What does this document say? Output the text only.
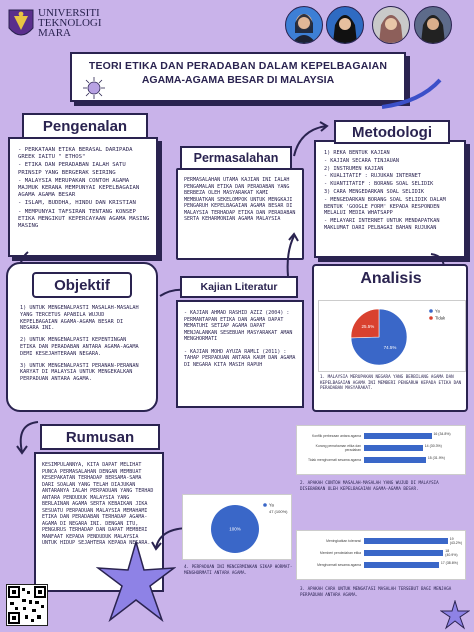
UNIVERSITI
TEKNOLOGI
MARA
TEORI ETIKA DAN PERADABAN DALAM KEPELBAGAIAN
AGAMA-AGAMA BESAR DI MALAYSIA
- PERKATAAN ETIKA BERASAL DARIPADA GREEK IAITU " ETHOS"
- ETIKA DAN PERADABAN IALAH SATU PRINSIP YANG BERGERAK SEIRING
- MALAYSIA MERUPAKAN CONTOH AGAMA MAJMUK KERANA MEMPUNYAI KEPELBAGAIAN AGAMA AGAMA BESAR
- ISLAM, BUDDHA, HINDU DAN KRISTIAN
- MEMPUNYAI TAFSIRAN TENTANG KONSEP ETIKA MENGIKUT KEPERCAYAAN AGAMA MASING MASING
Pengenalan
PERMASALAHAN UTAMA KAJIAN INI IALAH PENGAMALAN ETIKA DAN PERADABAN YANG BERBEZA OLEH MASYARAKAT KAMI MEMBUATKAN SEKELOMPOK UNTUK MENGKAJI PENGARUH KEPELBAGAIAN AGAMA BESAR DI MALAYSIA TERHADAP ETIKA DAN PERADABAN SERTA KEHARMONIAN AGAMA MALAYSIA
Permasalahan	1) REKA BENTUK KAJIAN
- KAJIAN SECARA TINJAUAN
2) INSTRUMEN KAJIAN
- KUALITATIF : RUJUKAN INTERNET
- KUANTITATIF : BORANG SOAL SELIDIK
3) CARA MENGEDARKAN SOAL SELIDIK
- MENGEDARKAN BORANG SOAL SELIDIK DALAM BENTUK 'GOOGLE FORM' KEPADA RESPONDEN MELALUI MEDIA WHATSAPP
- MELAYARI INTERNET UNTUK MENDAPATKAN MAKLUMAT DARI PELBAGAI BAHAN RUJUKAN
Metodologi
1) UNTUK MENGENALPASTI MASALAH-MASALAH YANG TERCETUS APABILA WUJUD KEPELBAGAIAN AGAMA-AGAMA BESAR DI NEGARA INI.
2) UNTUK MENGENALPASTI KEPENTINGAN ETIKA DAN PERADABAN ANTARA AGAMA-AGAMA DEMI KESEJAHTERAAN NEGARA.
3) UNTUK MENGENALPASTI PERANAN-PERANAN KARYAT DI MALAYSIA UNTUK MENGEKALKAN PERPADUAN ANTARA AGAMA.
Objektif
- KAJIAN AHMAD RASHID AZIZ (2004) : PERMANTAPAN ETIKA DAN AGAMA DAPAT MEMATUHI SETIAP AGAMA DAPAT MENJALANKAN SESEBUAH MASYARAKAT AMAN MENGHORMATI
- KAJIAN MOHD AYUZA RAMLI (2011) : TAHAP PERPADUAN ANTARA KAUM DAN AGAMA DI NEGARA KITA MASIH RAPUH
Kajian Literatur	Analisis
74.5%
25.5%
Ya
Tidak
1. MALAYSIA MERUPAKAN NEGARA YANG BERBILANG AGAMA DAN KEPELBAGAIAN AGAMA INI MEMBERI PENGARUH KEPADA ETIKA DAN PERADABAN MASYARAKAT.
KESIMPULANNYA, KITA DAPAT MELIHAT PUNCA PERMASALAHAN DENGAN MEMBUAT KESEPAKATAN TERHADAP BERSAMA-SAMA DARI SOALAN YANG TELAH DIAJUKAN ANTARANYA IALAH PERPADUAN YANG TERHAD ANTARA PENDUDUK MALAYSIA YANG BERLAINAN AGAMA SERTA KEBAIKAN JIKA SESUATU PERPADUAN MALAYSIA MEMAHAMI ETIKA DAN PERADABAN TERHADAP AGAMA-AGAMA DI NEGARA INI. DENGAN ITU, PENGURUS TERHADAP DAN DAPAT MEMBERI MANFAAT KEPADA PENDUDUK MALAYSIA UNTUK HIDUP SEJAHTERA KEPADA NEGARA.
Rumusan
100%
Ya
47 (100%)
4. PERPADUAN INI MENCERMINKAN SIKAP HORMAT-MENGHORMATI ANTARA AGAMA.
Konflik perbezaan antara agama	16 (34.8%)
Kurang pemahaman etika dan peradaban
14 (30.3%)
Tidak menghormati sesama agama	15 (31.9%)
2. APAKAH CONTOH MASALAH-MASALAH YANG WUJUD DI MALAYSIA DISEBABKAN OLEH KEPELBAGAIAN AGAMA-AGAMA BESAR.
Meningkatkan toleransi	19 (43.2%)
Memberi pendedahan etika	18 (40.9%)
Menghormati sesama agama	17 (38.6%)
3. APAKAH CARA UNTUK MENGATASI MASALAH TERSEBUT BAGI MENJAGA PERPADUAN ANTARA AGAMA.
